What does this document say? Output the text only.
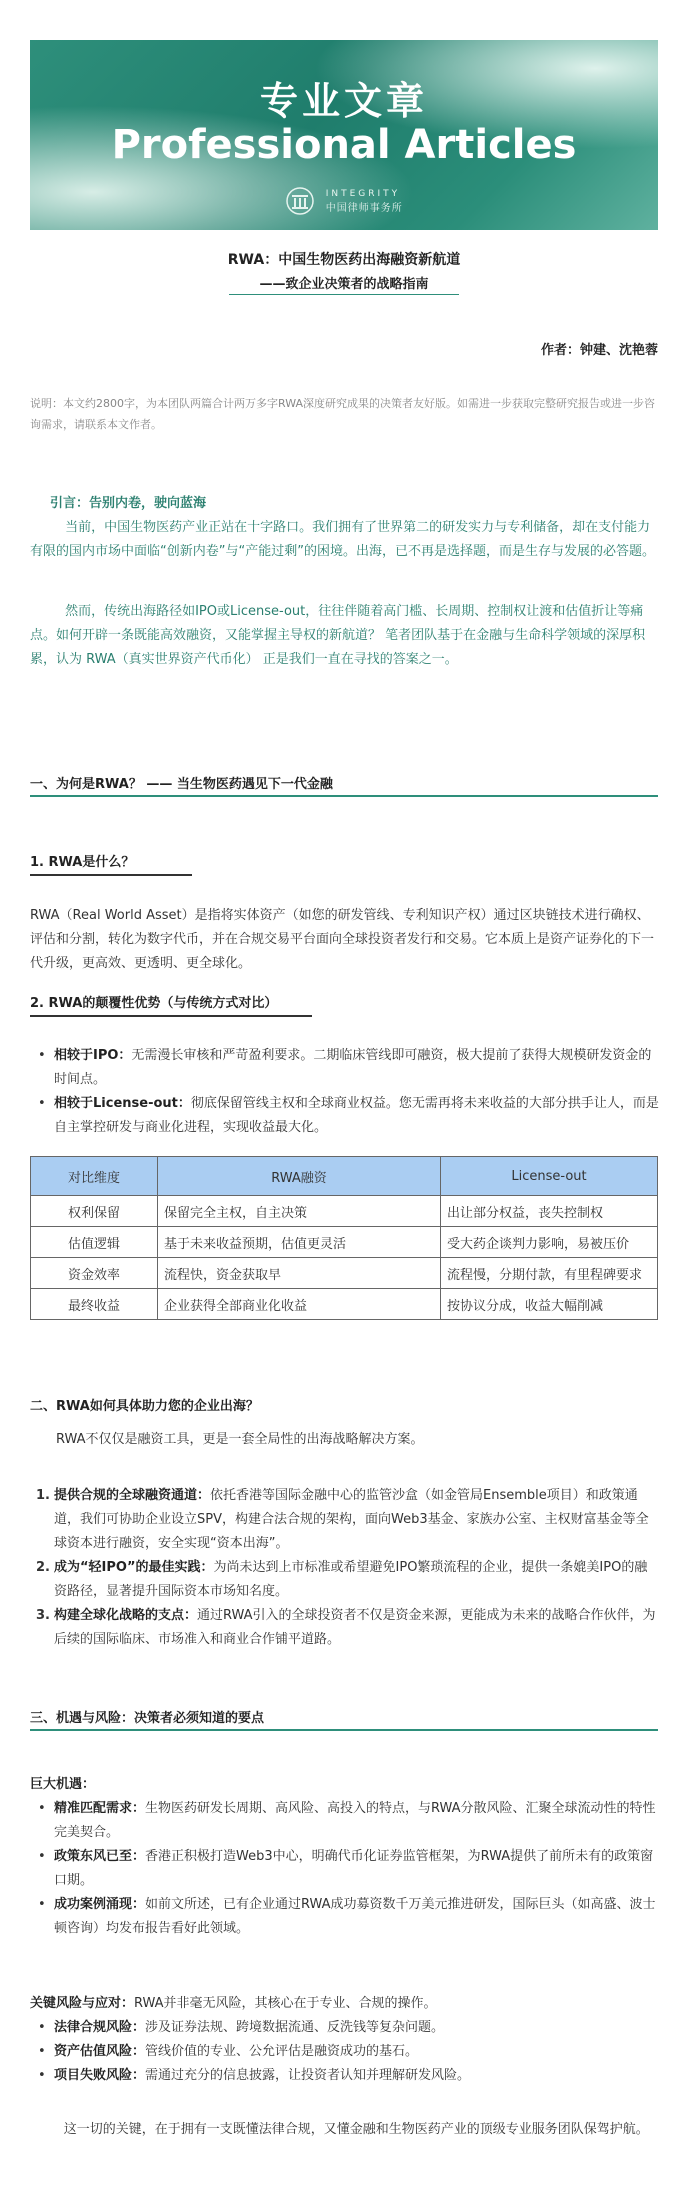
专业文章
Professional Articles

INTEGRITY
中国律师事务所
RWA：中国生物医药出海融资新航道
——致企业决策者的战略指南
作者：钟建、沈艳蓉
说明：本文约2800字，为本团队两篇合计两万多字RWA深度研究成果的决策者友好版。如需进一步获取完整研究报告或进一步咨询需求，请联系本文作者。
引言：告别内卷，驶向蓝海

当前，中国生物医药产业正站在十字路口。我们拥有了世界第二的研发实力与专利储备，却在支付能力有限的国内市场中面临“创新内卷”与“产能过剩”的困境。出海，已不再是选择题，而是生存与发展的必答题。

然而，传统出海路径如IPO或License-out，往往伴随着高门槛、长周期、控制权让渡和估值折让等痛点。如何开辟一条既能高效融资，又能掌握主导权的新航道？ 笔者团队基于在金融与生命科学领域的深厚积累，认为 RWA（真实世界资产代币化） 正是我们一直在寻找的答案之一。

一、为何是RWA？ —— 当生物医药遇见下一代金融
1. RWA是什么？

RWA（Real World Asset）是指将实体资产（如您的研发管线、专利知识产权）通过区块链技术进行确权、评估和分割，转化为数字代币，并在合规交易平台面向全球投资者发行和交易。它本质上是资产证券化的下一代升级，更高效、更透明、更全球化。

2. RWA的颠覆性优势（与传统方式对比）
• 相较于IPO：无需漫长审核和严苛盈利要求。二期临床管线即可融资，极大提前了获得大规模研发资金的时间点。
• 相较于License-out：彻底保留管线主权和全球商业权益。您无需再将未来收益的大部分拱手让人，而是自主掌控研发与商业化进程，实现收益最大化。
对比维度	RWA融资	License-out
权利保留	保留完全主权，自主决策	出让部分权益，丧失控制权
估值逻辑	基于未来收益预期，估值更灵活	受大药企谈判力影响，易被压价
资金效率	流程快，资金获取早	流程慢，分期付款，有里程碑要求
最终收益	企业获得全部商业化收益	按协议分成，收益大幅削减
二、RWA如何具体助力您的企业出海？

RWA不仅仅是融资工具，更是一套全局性的出海战略解决方案。

1. 提供合规的全球融资通道：依托香港等国际金融中心的监管沙盒（如金管局Ensemble项目）和政策通道，我们可协助企业设立SPV，构建合法合规的架构，面向Web3基金、家族办公室、主权财富基金等全球资本进行融资，安全实现“资本出海”。
2. 成为“轻IPO”的最佳实践：为尚未达到上市标准或希望避免IPO繁琐流程的企业，提供一条媲美IPO的融资路径，显著提升国际资本市场知名度。
3. 构建全球化战略的支点：通过RWA引入的全球投资者不仅是资金来源，更能成为未来的战略合作伙伴，为后续的国际临床、市场准入和商业合作铺平道路。
三、机遇与风险：决策者必须知道的要点
巨大机遇：
• 精准匹配需求：生物医药研发长周期、高风险、高投入的特点，与RWA分散风险、汇聚全球流动性的特性完美契合。
• 政策东风已至：香港正积极打造Web3中心，明确代币化证券监管框架，为RWA提供了前所未有的政策窗口期。
• 成功案例涌现：如前文所述，已有企业通过RWA成功募资数千万美元推进研发，国际巨头（如高盛、波士顿咨询）均发布报告看好此领域。

关键风险与应对：RWA并非毫无风险，其核心在于专业、合规的操作。

• 法律合规风险：涉及证券法规、跨境数据流通、反洗钱等复杂问题。
• 资产估值风险：管线价值的专业、公允评估是融资成功的基石。
• 项目失败风险：需通过充分的信息披露，让投资者认知并理解研发风险。

这一切的关键，在于拥有一支既懂法律合规，又懂金融和生物医药产业的顶级专业服务团队保驾护航。
